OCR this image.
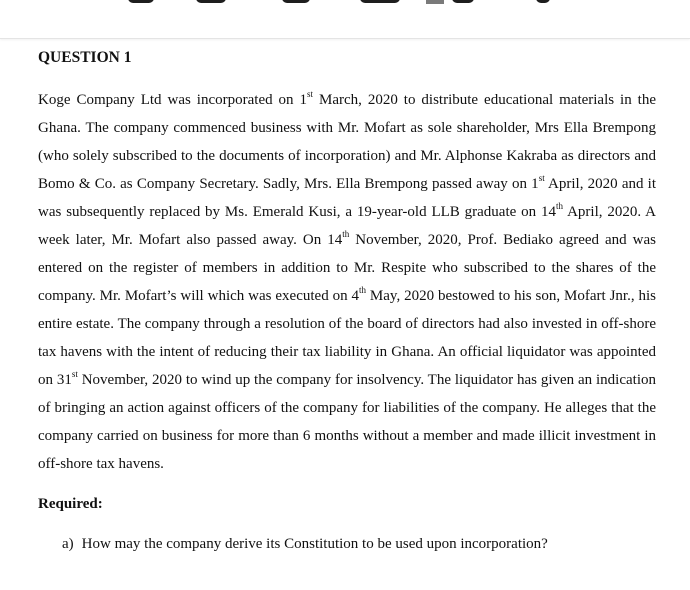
QUESTION 1

Koge Company Ltd was incorporated on 1st March, 2020 to distribute educational materials in the Ghana. The company commenced business with Mr. Mofart as sole shareholder, Mrs Ella Brempong (who solely subscribed to the documents of incorporation) and Mr. Alphonse Kakraba as directors and Bomo & Co. as Company Secretary. Sadly, Mrs. Ella Brempong passed away on 1st April, 2020 and it was subsequently replaced by Ms. Emerald Kusi, a 19-year-old LLB graduate on 14th April, 2020. A week later, Mr. Mofart also passed away. On 14th November, 2020, Prof. Bediako agreed and was entered on the register of members in addition to Mr. Respite who subscribed to the shares of the company. Mr. Mofart’s will which was executed on 4th May, 2020 bestowed to his son, Mofart Jnr., his entire estate. The company through a resolution of the board of directors had also invested in off-shore tax havens with the intent of reducing their tax liability in Ghana. An official liquidator was appointed on 31st November, 2020 to wind up the company for insolvency. The liquidator has given an indication of bringing an action against officers of the company for liabilities of the company. He alleges that the company carried on business for more than 6 months without a member and made illicit investment in off-shore tax havens.

Required:

a) How may the company derive its Constitution to be used upon incorporation?
